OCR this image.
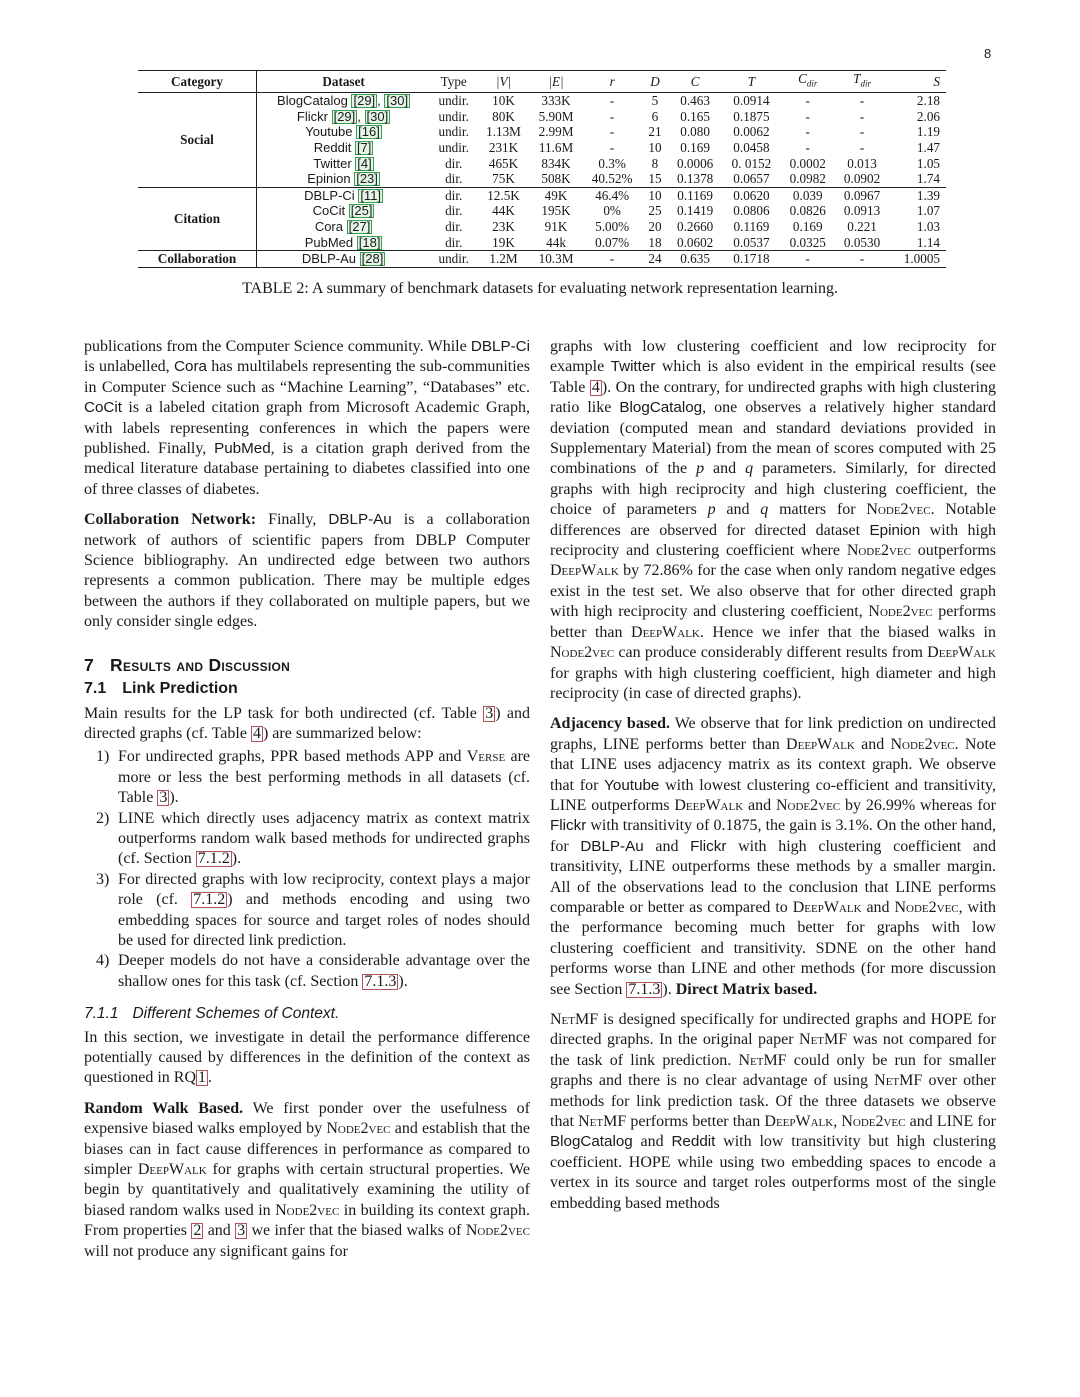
8
Category	Dataset	Type	|V|	|E|	r	D	C	T	$C_{dir}$	$T_{dir}$	S
Social	BlogCatalog [29] , [30]	undir.	10K	333K	-	5	0.463	0.0914	-	-	2.18
	Flickr [29] , [30]	undir.	80K	5.90M	-	6	0.165	0.1875	-	-	2.06
	Youtube [16]	undir.	1.13M	2.99M	-	21	0.080	0.0062	-	-	1.19
	Reddit [7]	undir.	231K	11.6M	-	10	0.169	0.0458	-	-	1.47
	Twitter [4]	dir.	465K	834K	0.3%	8	0.0006	0. 0152	0.0002	0.013	1.05
	Epinion [23]	dir.	75K	508K	40.52%	15	0.1378	0.0657	0.0982	0.0902	1.74
Citation	DBLP-Ci [11]	dir.	12.5K	49K	46.4%	10	0.1169	0.0620	0.039	0.0967	1.39
	CoCit [25]	dir.	44K	195K	0%	25	0.1419	0.0806	0.0826	0.0913	1.07
	Cora [27]	dir.	23K	91K	5.00%	20	0.2660	0.1169	0.169	0.221	1.03
	PubMed [18]	dir.	19K	44k	0.07%	18	0.0602	0.0537	0.0325	0.0530	1.14
Collaboration	DBLP-Au [28]	undir.	1.2M	10.3M	-	24	0.635	0.1718	-	-	1.0005
TABLE 2: A summary of benchmark datasets for evaluating network representation learning.

publications from the Computer Science community. While DBLP-Ci is unlabelled, Cora has multilabels representing the sub-communities in Computer Science such as “Machine Learning”, “Databases” etc. CoCit is a labeled citation graph from Microsoft Academic Graph, with labels representing conferences in which the papers were published. Finally, PubMed, is a citation graph derived from the medical literature database pertaining to diabetes classified into one of three classes of diabetes.

Collaboration Network: Finally, DBLP-Au is a collaboration network of authors of scientific papers from DBLP Computer Science bibliography. An undirected edge between two authors represents a common publication. There may be multiple edges between the authors if they collaborated on multiple papers, but we only consider single edges.

7 Results and Discussion
7.1 Link Prediction

Main results for the LP task for both undirected (cf. Table 3 ) and directed graphs (cf. Table 4 ) are summarized below:

1) For undirected graphs, PPR based methods APP and Verse are more or less the best performing methods in all datasets (cf. Table 3 ).
2) LINE which directly uses adjacency matrix as context matrix outperforms random walk based methods for undirected graphs (cf. Section 7.1.2 ).
3) For directed graphs with low reciprocity, context plays a major role (cf. 7.1.2 ) and methods encoding and using two embedding spaces for source and target roles of nodes should be used for directed link prediction.
4) Deeper models do not have a considerable advantage over the shallow ones for this task (cf. Section 7.1.3 ).
7.1.1 Different Schemes of Context.

In this section, we investigate in detail the performance difference potentially caused by differences in the definition of the context as questioned in RQ 1 .

Random Walk Based. We first ponder over the usefulness of expensive biased walks employed by Node2vec and establish that the biases can in fact cause differences in performance as compared to simpler DeepWalk for graphs with certain structural properties. We begin by quantitatively and qualitatively examining the utility of biased random walks used in Node2vec in building its context graph. From properties 2 and 3 we infer that the biased walks of Node2vec will not produce any significant gains for

graphs with low clustering coefficient and low reciprocity for example Twitter which is also evident in the empirical results (see Table 4 ). On the contrary, for undirected graphs with high clustering ratio like BlogCatalog, one observes a relatively higher standard deviation (computed mean and standard deviations provided in Supplementary Material) from the mean of scores computed with 25 combinations of the p and q parameters. Similarly, for directed graphs with high reciprocity and high clustering coefficient, the choice of parameters p and q matters for Node2vec. Notable differences are observed for directed dataset Epinion with high reciprocity and clustering coefficient where Node2vec outperforms DeepWalk by 72.86% for the case when only random negative edges exist in the test set. We also observe that for other directed graph with high reciprocity and clustering coefficient, Node2vec performs better than DeepWalk. Hence we infer that the biased walks in Node2vec can produce considerably different results from DeepWalk for graphs with high clustering coefficient, high diameter and high reciprocity (in case of directed graphs).

Adjacency based. We observe that for link prediction on undirected graphs, LINE performs better than DeepWalk and Node2vec. Note that LINE uses adjacency matrix as its context graph. We observe that for Youtube with lowest clustering co-efficient and transitivity, LINE outperforms DeepWalk and Node2vec by 26.99% whereas for Flickr with transitivity of 0.1875, the gain is 3.1%. On the other hand, for DBLP-Au and Flickr with high clustering coefficient and transitivity, LINE outperforms these methods by a smaller margin. All of the observations lead to the conclusion that LINE performs comparable or better as compared to DeepWalk and Node2vec, with the performance becoming much better for graphs with low clustering coefficient and transitivity. SDNE on the other hand performs worse than LINE and other methods (for more discussion see Section 7.1.3 ). Direct Matrix based.

NetMF is designed specifically for undirected graphs and HOPE for directed graphs. In the original paper NetMF was not compared for the task of link prediction. NetMF could only be run for smaller graphs and there is no clear advantage of using NetMF over other methods for link prediction task. Of the three datasets we observe that NetMF performs better than DeepWalk, Node2vec and LINE for BlogCatalog and Reddit with low transitivity but high clustering coefficient. HOPE while using two embedding spaces to encode a vertex in its source and target roles outperforms most of the single embedding based methods
